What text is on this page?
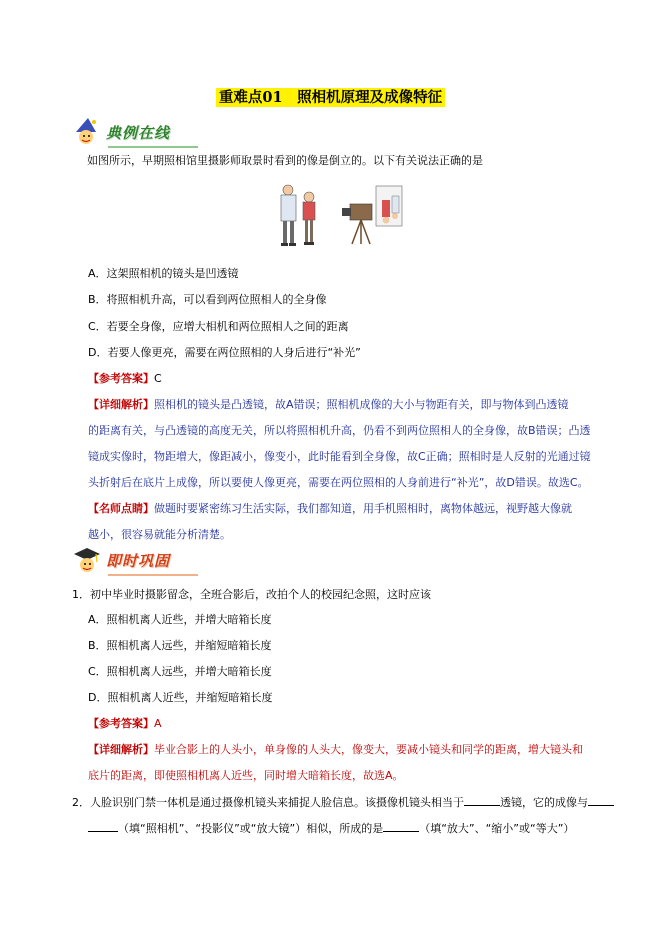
重难点01　照相机原理及成像特征
典例在线
如图所示，早期照相馆里摄影师取景时看到的像是倒立的。以下有关说法正确的是
A．这架照相机的镜头是凹透镜
B．将照相机升高，可以看到两位照相人的全身像
C．若要全身像，应增大相机和两位照相人之间的距离
D．若要人像更亮，需要在两位照相的人身后进行“补光”
【参考答案】C
【详细解析】照相机的镜头是凸透镜，故A错误；照相机成像的大小与物距有关，即与物体到凸透镜
的距离有关，与凸透镜的高度无关，所以将照相机升高，仍看不到两位照相人的全身像，故B错误；凸透
镜成实像时，物距增大，像距减小，像变小，此时能看到全身像，故C正确；照相时是人反射的光通过镜
头折射后在底片上成像，所以要使人像更亮，需要在两位照相的人身前进行“补光”，故D错误。故选C。
【名师点睛】做题时要紧密练习生活实际，我们都知道，用手机照相时，离物体越远，视野越大像就
越小，很容易就能分析清楚。
即时巩固
1．初中毕业时摄影留念，全班合影后，改拍个人的校园纪念照，这时应该
A．照相机离人近些，并增大暗箱长度
B．照相机离人远些，并缩短暗箱长度
C．照相机离人远些，并增大暗箱长度
D．照相机离人近些，并缩短暗箱长度
【参考答案】A
【详细解析】毕业合影上的人头小，单身像的人头大，像变大，要减小镜头和同学的距离，增大镜头和
底片的距离，即使照相机离人近些，同时增大暗箱长度，故选A。
2．人脸识别门禁一体机是通过摄像机镜头来捕捉人脸信息。该摄像机镜头相当于	透镜，它的成像与
（填“照相机”、“投影仪”或“放大镜”）相似，所成的是	（填“放大”、“缩小”或“等大”）
